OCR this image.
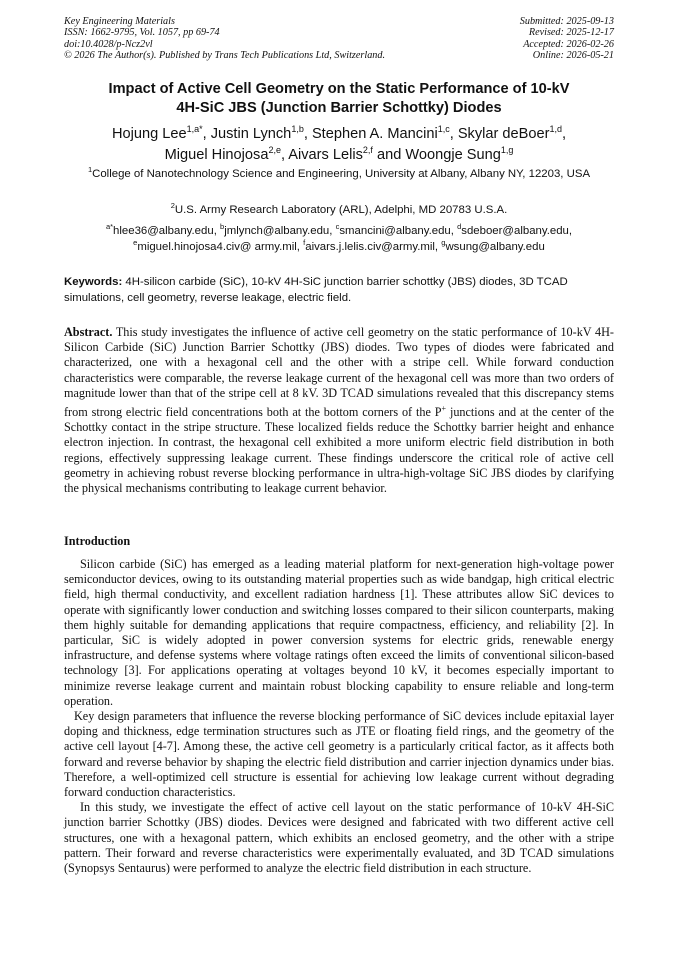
Key Engineering Materials
ISSN: 1662-9795, Vol. 1057, pp 69-74
doi:10.4028/p-Ncz2vl
© 2026 The Author(s). Published by Trans Tech Publications Ltd, Switzerland.
Submitted: 2025-09-13
Revised: 2025-12-17
Accepted: 2026-02-26
Online: 2026-05-21
Impact of Active Cell Geometry on the Static Performance of 10-kV
4H-SiC JBS (Junction Barrier Schottky) Diodes
Hojung Lee$^{1,a*}$, Justin Lynch$^{1,b}$, Stephen A. Mancini$^{1,c}$, Skylar deBoer$^{1,d}$,
Miguel Hinojosa$^{2,e}$, Aivars Lelis$^{2,f}$ and Woongje Sung$^{1,g}$
$^1$College of Nanotechnology Science and Engineering, University at Albany, Albany NY, 12203, USA
$^2$U.S. Army Research Laboratory (ARL), Adelphi, MD 20783 U.S.A.
$^{a*}$hlee36@albany.edu, $^b$jmlynch@albany.edu, $^c$smancini@albany.edu, $^d$sdeboer@albany.edu,
$^e$miguel.hinojosa4.civ@ army.mil, $^f$aivars.j.lelis.civ@army.mil, $^g$wsung@albany.edu
Keywords: 4H-silicon carbide (SiC), 10-kV 4H-SiC junction barrier schottky (JBS) diodes, 3D TCAD simulations, cell geometry, reverse leakage, electric field.
Abstract. This study investigates the influence of active cell geometry on the static performance of 10-kV 4H-Silicon Carbide (SiC) Junction Barrier Schottky (JBS) diodes. Two types of diodes were fabricated and characterized, one with a hexagonal cell and the other with a stripe cell. While forward conduction characteristics were comparable, the reverse leakage current of the hexagonal cell was more than two orders of magnitude lower than that of the stripe cell at 8 kV. 3D TCAD simulations revealed that this discrepancy stems from strong electric field concentrations both at the bottom corners of the P+ junctions and at the center of the Schottky contact in the stripe structure. These localized fields reduce the Schottky barrier height and enhance electron injection. In contrast, the hexagonal cell exhibited a more uniform electric field distribution in both regions, effectively suppressing leakage current. These findings underscore the critical role of active cell geometry in achieving robust reverse blocking performance in ultra-high-voltage SiC JBS diodes by clarifying the physical mechanisms contributing to leakage current behavior.
Introduction

Silicon carbide (SiC) has emerged as a leading material platform for next-generation high-voltage power semiconductor devices, owing to its outstanding material properties such as wide bandgap, high critical electric field, high thermal conductivity, and excellent radiation hardness [1]. These attributes allow SiC devices to operate with significantly lower conduction and switching losses compared to their silicon counterparts, making them highly suitable for demanding applications that require compactness, efficiency, and reliability [2]. In particular, SiC is widely adopted in power conversion systems for electric grids, renewable energy infrastructure, and defense systems where voltage ratings often exceed the limits of conventional silicon-based technology [3]. For applications operating at voltages beyond 10 kV, it becomes especially important to minimize reverse leakage current and maintain robust blocking capability to ensure reliable and long-term operation.

Key design parameters that influence the reverse blocking performance of SiC devices include epitaxial layer doping and thickness, edge termination structures such as JTE or floating field rings, and the geometry of the active cell layout [4-7]. Among these, the active cell geometry is a particularly critical factor, as it affects both forward and reverse behavior by shaping the electric field distribution and carrier injection dynamics under bias. Therefore, a well-optimized cell structure is essential for achieving low leakage current without degrading forward conduction characteristics.

In this study, we investigate the effect of active cell layout on the static performance of 10-kV 4H-SiC junction barrier Schottky (JBS) diodes. Devices were designed and fabricated with two different active cell structures, one with a hexagonal pattern, which exhibits an enclosed geometry, and the other with a stripe pattern. Their forward and reverse characteristics were experimentally evaluated, and 3D TCAD simulations (Synopsys Sentaurus) were performed to analyze the electric field distribution in each structure.
